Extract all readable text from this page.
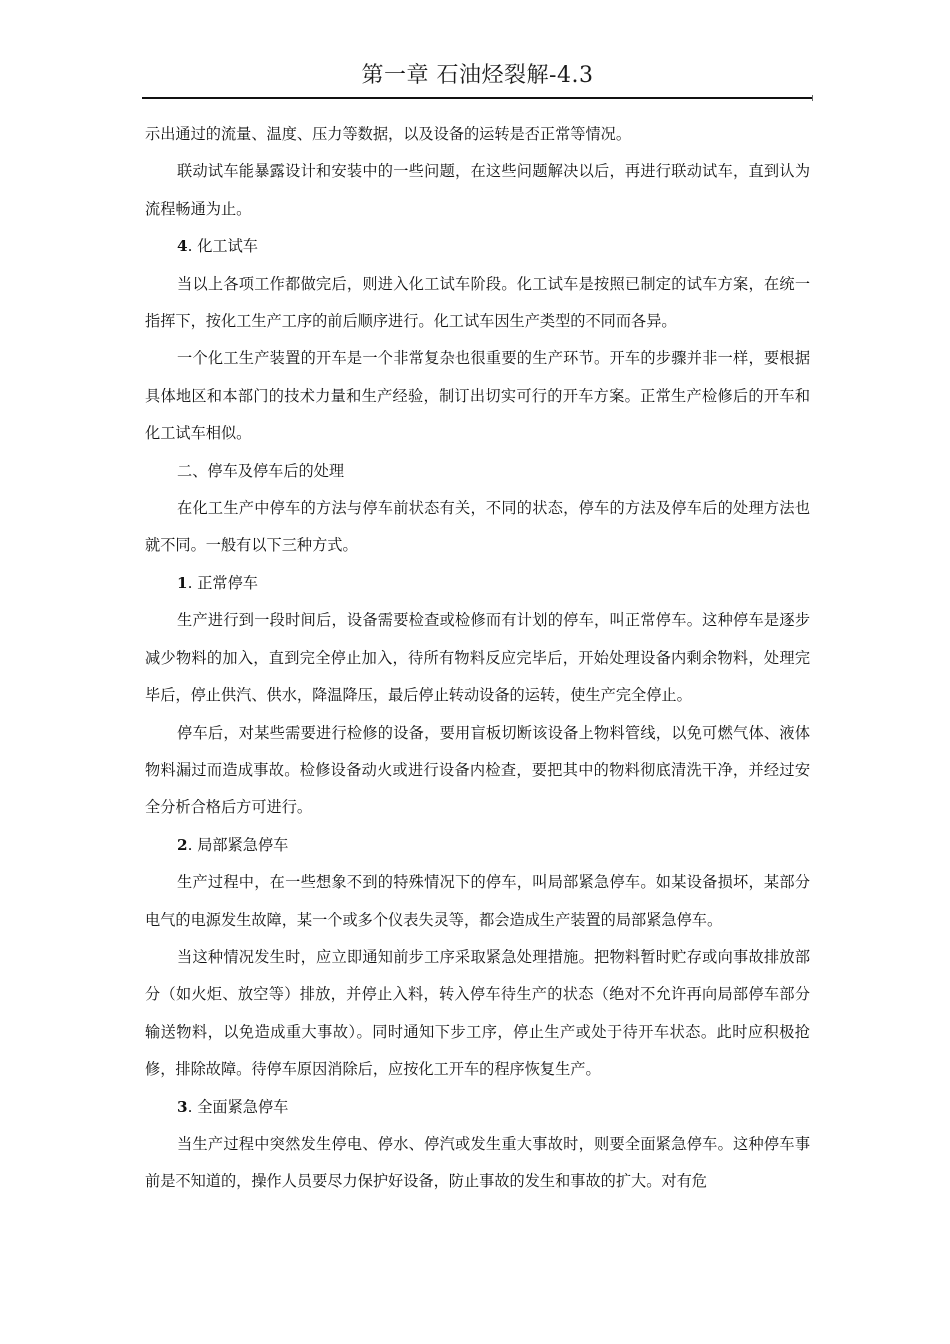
第一章 石油烃裂解-4.3

示出通过的流量、温度、压力等数据，以及设备的运转是否正常等情况。

联动试车能暴露设计和安装中的一些问题，在这些问题解决以后，再进行联动试车，直到认为流程畅通为止。

4. 化工试车

当以上各项工作都做完后，则进入化工试车阶段。化工试车是按照已制定的试车方案，在统一指挥下，按化工生产工序的前后顺序进行。化工试车因生产类型的不同而各异。

一个化工生产装置的开车是一个非常复杂也很重要的生产环节。开车的步骤并非一样，要根据具体地区和本部门的技术力量和生产经验，制订出切实可行的开车方案。正常生产检修后的开车和化工试车相似。

二、停车及停车后的处理

在化工生产中停车的方法与停车前状态有关，不同的状态，停车的方法及停车后的处理方法也就不同。一般有以下三种方式。

1. 正常停车

生产进行到一段时间后，设备需要检查或检修而有计划的停车，叫正常停车。这种停车是逐步减少物料的加入，直到完全停止加入，待所有物料反应完毕后，开始处理设备内剩余物料，处理完毕后，停止供汽、供水，降温降压，最后停止转动设备的运转，使生产完全停止。

停车后，对某些需要进行检修的设备，要用盲板切断该设备上物料管线，以免可燃气体、液体物料漏过而造成事故。检修设备动火或进行设备内检查，要把其中的物料彻底清洗干净，并经过安全分析合格后方可进行。

2. 局部紧急停车

生产过程中，在一些想象不到的特殊情况下的停车，叫局部紧急停车。如某设备损坏，某部分电气的电源发生故障，某一个或多个仪表失灵等，都会造成生产装置的局部紧急停车。

当这种情况发生时，应立即通知前步工序采取紧急处理措施。把物料暂时贮存或向事故排放部分（如火炬、放空等）排放，并停止入料，转入停车待生产的状态（绝对不允许再向局部停车部分输送物料，以免造成重大事故）。同时通知下步工序，停止生产或处于待开车状态。此时应积极抢修，排除故障。待停车原因消除后，应按化工开车的程序恢复生产。

3. 全面紧急停车

当生产过程中突然发生停电、停水、停汽或发生重大事故时，则要全面紧急停车。这种停车事前是不知道的，操作人员要尽力保护好设备，防止事故的发生和事故的扩大。对有危
